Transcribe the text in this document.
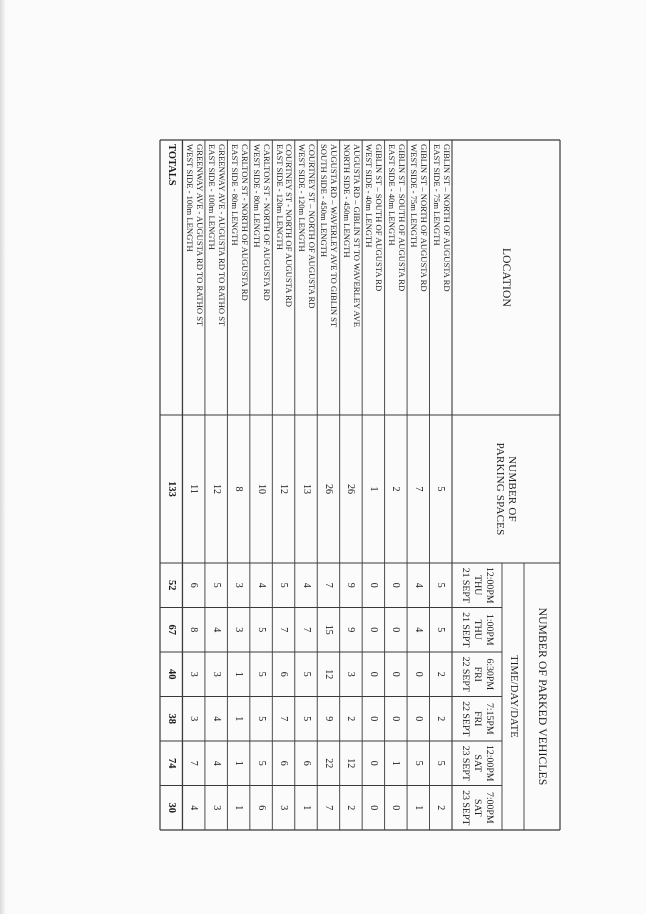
LOCATION
NUMBER OF PARKING SPACES
NUMBER OF PARKED VEHICLES
TIME/DAY/DATE
12:00PM
THU
21 SEPT
1:00PM
THU
21 SEPT
6:30PM
FRI
22 SEPT
7:15PM
FRI
22 SEPT
12:00PM
SAT
23 SEPT
7:00PM
SAT
23 SEPT
GIBLIN ST – NORTH OF AUGUSTA RD
EAST SIDE - 75m LENGTH
5
5
5
2
2
5
2
GIBLIN ST – NORTH OF AUGUSTA RD
WEST SIDE - 75m LENGTH
7
4
4
0
0
5
1
GIBLIN ST – SOUTH OF AUGUSTA RD
EAST SIDE - 40m LENGTH
2
0
0
0
0
1
0
GIBLIN ST – SOUTH OF AUGUSTA RD
WEST SIDE - 40m LENGTH
1
0
0
0
0
0
0
AUGUSTA RD – GIBLIN ST TO WAVERLEY AVE
NORTH SIDE - 450m LENGTH
26
9
9
3
2
12
2
AUGUSTA RD – WAVERLEY AVE TO GIBLIN ST
SOUTH SIDE - 450m LENGTH
26
7
15
12
9
22
7
COURTNEY ST – NORTH OF AUGUSTA RD
WEST SIDE - 120m LENGTH
13
4
7
5
5
6
1
COURTNEY ST - NORTH OF AUGUSTA RD
EAST SIDE - 120m LENGTH
12
5
7
6
7
6
3
CARLTON ST - NORTH OF AUGUSTA RD
WEST SIDE - 80m LENGTH
10
4
5
5
5
5
6
CARLTON ST - NORTH OF AUGUSTA RD
EAST SIDE - 80m LENGTH
8
3
3
1
1
1
1
GREENWAY AVE - AUGUSTA RD TO RATHO ST
EAST SIDE - 100m LENGTH
12
5
4
3
4
4
3
GREENWAY AVE - AUGUSTA RD TO RATHO ST
WEST SIDE - 100m LENGTH
11
6
8
3
3
7
4
TOTALS
133
52
67
40
38
74
30
